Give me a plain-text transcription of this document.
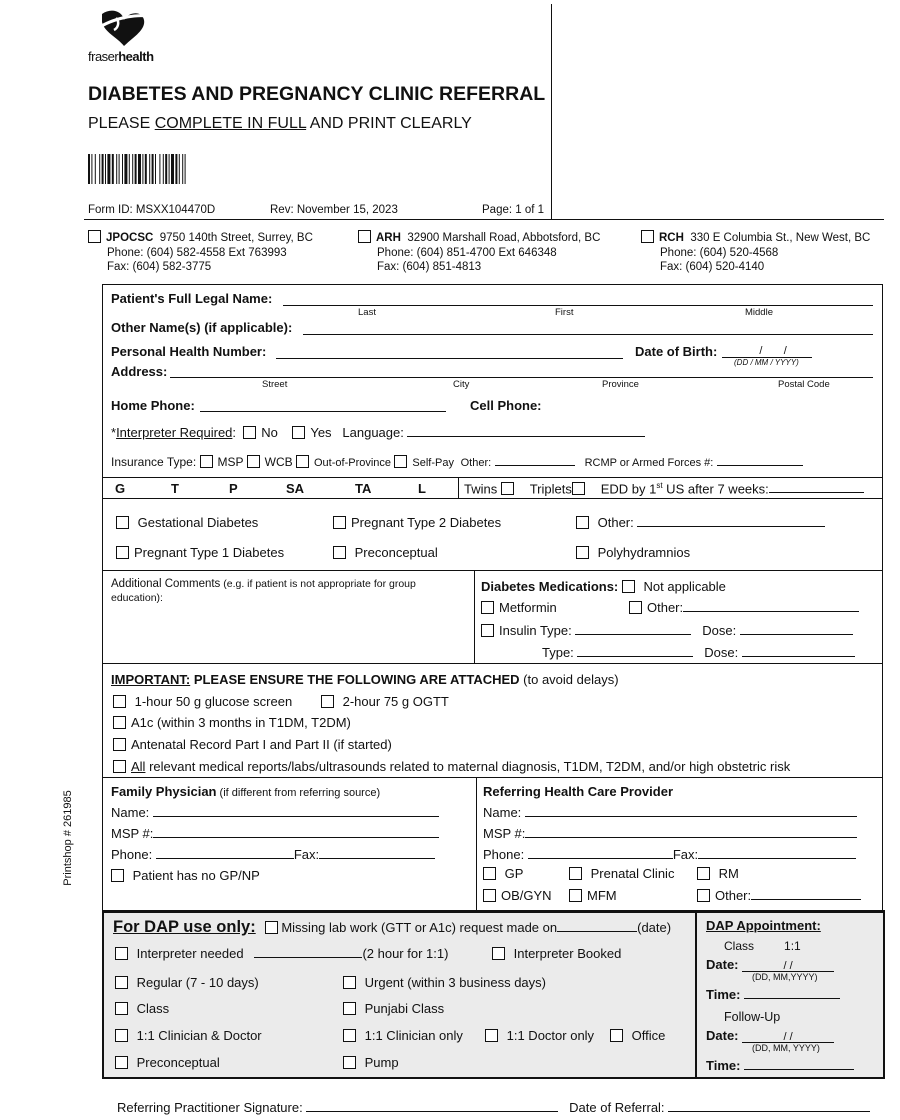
fraserhealth
DIABETES AND PREGNANCY CLINIC REFERRAL
PLEASE COMPLETE IN FULL AND PRINT CLEARLY
Form ID: MSXX104470D	Rev: November 15, 2023	Page: 1 of 1
JPOCSC 9750 140th Street, Surrey, BC
Phone: (604) 582-4558 Ext 763993
Fax: (604) 582-3775
ARH 32900 Marshall Road, Abbotsford, BC
Phone: (604) 851-4700 Ext 646348
Fax: (604) 851-4813
RCH 330 E Columbia St., New West, BC
Phone: (604) 520-4568
Fax: (604) 520-4140
Patient's Full Legal Name:
Last	First	Middle
Other Name(s) (if applicable):
Personal Health Number:	Date of Birth:	/       /
(DD / MM / YYYY)
Address:
Street	City	Province	Postal Code
Home Phone:	Cell Phone:
*Interpreter Required: No Yes Language:
Insurance Type: MSP WCB Out-of-Province Self-Pay Other:	RCMP or Armed Forces #:
G	T	P	SA	TA	L	Twins Triplets EDD by 1st US after 7 weeks:
Gestational Diabetes	Pregnant Type 2 Diabetes	Other:
Pregnant Type 1 Diabetes	Preconceptual	Polyhydramnios
Additional Comments (e.g. if patient is not appropriate for group education):
Diabetes Medications: Not applicable
Metformin	Other:
Insulin Type:	Dose:
Type:	Dose:
IMPORTANT: PLEASE ENSURE THE FOLLOWING ARE ATTACHED (to avoid delays)
1-hour 50 g glucose screen	2-hour 75 g OGTT
A1c (within 3 months in T1DM, T2DM)
Antenatal Record Part I and Part II (if started)
All relevant medical reports/labs/ultrasounds related to maternal diagnosis, T1DM, T2DM, and/or high obstetric risk
Family Physician (if different from referring source)
Name:
MSP #:
Phone:	Fax:
Patient has no GP/NP
Referring Health Care Provider
Name:
MSP #:
Phone:	Fax:
GP	Prenatal Clinic	RM
OB/GYN	MFM	Other:
For DAP use only: Missing lab work (GTT or A1c) request made on	(date)
Interpreter needed	(2 hour for 1:1)	Interpreter Booked
Regular (7 - 10 days)	Urgent (within 3 business days)
Class	Punjabi Class
1:1 Clinician & Doctor	1:1 Clinician only	1:1 Doctor only	Office
Preconceptual	Pump
DAP Appointment:
Class	1:1
Date:	/ /
(DD, MM,YYYY)
Time:
Follow-Up
Date:	/ /
(DD, MM, YYYY)
Time:
Referring Practitioner Signature:	Date of Referral:
Printshop # 261985
